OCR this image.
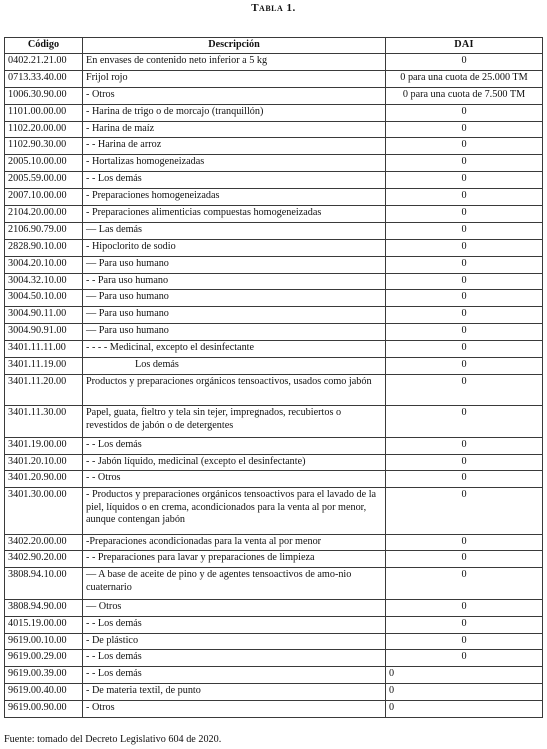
Tabla 1.
Código	Descripción	DAI
0402.21.21.00	En envases de contenido neto inferior a 5 kg	0
0713.33.40.00	Frijol rojo	0 para una cuota de 25.000 TM
1006.30.90.00	- Otros	0 para una cuota de 7.500 TM
1101.00.00.00	- Harina de trigo o de morcajo (tranquillón)	0
1102.20.00.00	- Harina de maíz	0
1102.90.30.00	- - Harina de arroz	0
2005.10.00.00	- Hortalizas homogeneizadas	0
2005.59.00.00	- - Los demás	0
2007.10.00.00	- Preparaciones homogeneizadas	0
2104.20.00.00	- Preparaciones alimenticias compuestas homogeneizadas	0
2106.90.79.00	— Las demás	0
2828.90.10.00	- Hipoclorito de sodio	0
3004.20.10.00	— Para uso humano	0
3004.32.10.00	- - Para uso humano	0
3004.50.10.00	— Para uso humano	0
3004.90.11.00	— Para uso humano	0
3004.90.91.00	— Para uso humano	0
3401.11.11.00	- - - - Medicinal, excepto el desinfectante	0
3401.11.19.00	Los demás	0
3401.11.20.00	Productos y preparaciones orgánicos tensoactivos, usados como jabón	0
3401.11.30.00	Papel, guata, fieltro y tela sin tejer, impregnados, recubiertos o revestidos de jabón o de detergentes	0
3401.19.00.00	- - Los demás	0
3401.20.10.00	- - Jabón líquido, medicinal (excepto el desinfectante)	0
3401.20.90.00	- - Otros	0
3401.30.00.00	- Productos y preparaciones orgánicos tensoactivos para el lavado de la piel, líquidos o en crema, acondicionados para la venta al por menor, aunque contengan jabón	0
3402.20.00.00	-Preparaciones acondicionadas para la venta al por menor	0
3402.90.20.00	- - Preparaciones para lavar y preparaciones de limpieza	0
3808.94.10.00	— A base de aceite de pino y de agentes tensoactivos de amo-nio cuaternario	0
3808.94.90.00	— Otros	0
4015.19.00.00	- - Los demás	0
9619.00.10.00	- De plástico	0
9619.00.29.00	- - Los demás	0
9619.00.39.00	- - Los demás	0
9619.00.40.00	- De materia textil, de punto	0
9619.00.90.00	- Otros	0
Fuente: tomado del Decreto Legislativo 604 de 2020.
